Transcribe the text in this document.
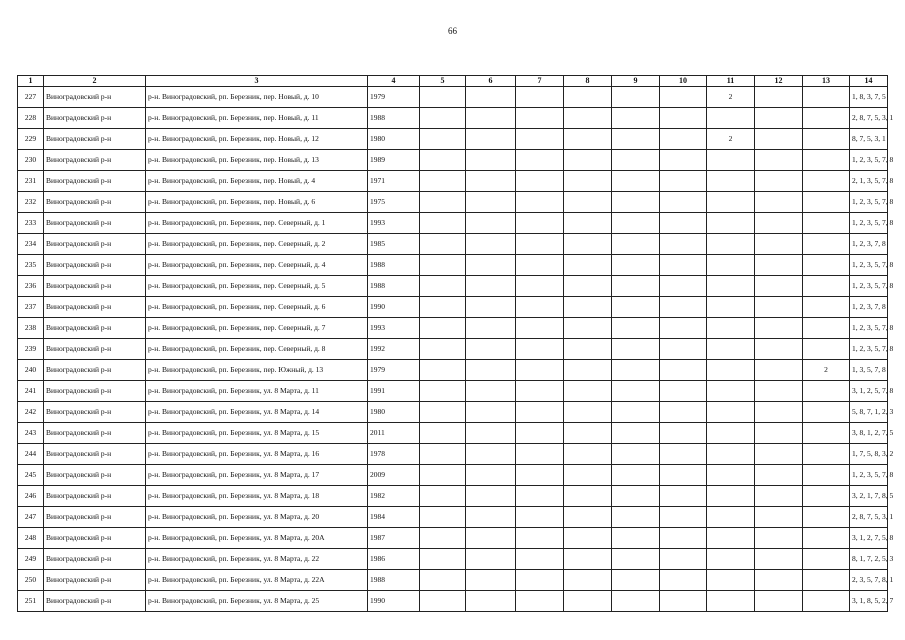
66
1	2	3	4	5	6	7	8	9	10	11	12	13	14
227	Виноградовский р-н	р-н. Виноградовский, рп. Березник, пер. Новый, д. 10	1979							2			1, 8, 3, 7, 5
228	Виноградовский р-н	р-н. Виноградовский, рп. Березник, пер. Новый, д. 11	1988										2, 8, 7, 5, 3, 1
229	Виноградовский р-н	р-н. Виноградовский, рп. Березник, пер. Новый, д. 12	1980							2			8, 7, 5, 3, 1
230	Виноградовский р-н	р-н. Виноградовский, рп. Березник, пер. Новый, д. 13	1989										1, 2, 3, 5, 7, 8
231	Виноградовский р-н	р-н. Виноградовский, рп. Березник, пер. Новый, д. 4	1971										2, 1, 3, 5, 7, 8
232	Виноградовский р-н	р-н. Виноградовский, рп. Березник, пер. Новый, д. 6	1975										1, 2, 3, 5, 7, 8
233	Виноградовский р-н	р-н. Виноградовский, рп. Березник, пер. Северный, д. 1	1993										1, 2, 3, 5, 7, 8
234	Виноградовский р-н	р-н. Виноградовский, рп. Березник, пер. Северный, д. 2	1985										1, 2, 3, 7, 8
235	Виноградовский р-н	р-н. Виноградовский, рп. Березник, пер. Северный, д. 4	1988										1, 2, 3, 5, 7, 8
236	Виноградовский р-н	р-н. Виноградовский, рп. Березник, пер. Северный, д. 5	1988										1, 2, 3, 5, 7, 8
237	Виноградовский р-н	р-н. Виноградовский, рп. Березник, пер. Северный, д. 6	1990										1, 2, 3, 7, 8
238	Виноградовский р-н	р-н. Виноградовский, рп. Березник, пер. Северный, д. 7	1993										1, 2, 3, 5, 7, 8
239	Виноградовский р-н	р-н. Виноградовский, рп. Березник, пер. Северный, д. 8	1992										1, 2, 3, 5, 7, 8
240	Виноградовский р-н	р-н. Виноградовский, рп. Березник, пер. Южный, д. 13	1979									2	1, 3, 5, 7, 8
241	Виноградовский р-н	р-н. Виноградовский, рп. Березник, ул. 8 Марта, д. 11	1991										3, 1, 2, 5, 7, 8
242	Виноградовский р-н	р-н. Виноградовский, рп. Березник, ул. 8 Марта, д. 14	1980										5, 8, 7, 1, 2, 3
243	Виноградовский р-н	р-н. Виноградовский, рп. Березник, ул. 8 Марта, д. 15	2011										3, 8, 1, 2, 7, 5
244	Виноградовский р-н	р-н. Виноградовский, рп. Березник, ул. 8 Марта, д. 16	1978										1, 7, 5, 8, 3, 2
245	Виноградовский р-н	р-н. Виноградовский, рп. Березник, ул. 8 Марта, д. 17	2009										1, 2, 3, 5, 7, 8
246	Виноградовский р-н	р-н. Виноградовский, рп. Березник, ул. 8 Марта, д. 18	1982										3, 2, 1, 7, 8, 5
247	Виноградовский р-н	р-н. Виноградовский, рп. Березник, ул. 8 Марта, д. 20	1984										2, 8, 7, 5, 3, 1
248	Виноградовский р-н	р-н. Виноградовский, рп. Березник, ул. 8 Марта, д. 20А	1987										3, 1, 2, 7, 5, 8
249	Виноградовский р-н	р-н. Виноградовский, рп. Березник, ул. 8 Марта, д. 22	1986										8, 1, 7, 2, 5, 3
250	Виноградовский р-н	р-н. Виноградовский, рп. Березник, ул. 8 Марта, д. 22А	1988										2, 3, 5, 7, 8, 1
251	Виноградовский р-н	р-н. Виноградовский, рп. Березник, ул. 8 Марта, д. 25	1990										3, 1, 8, 5, 2, 7
